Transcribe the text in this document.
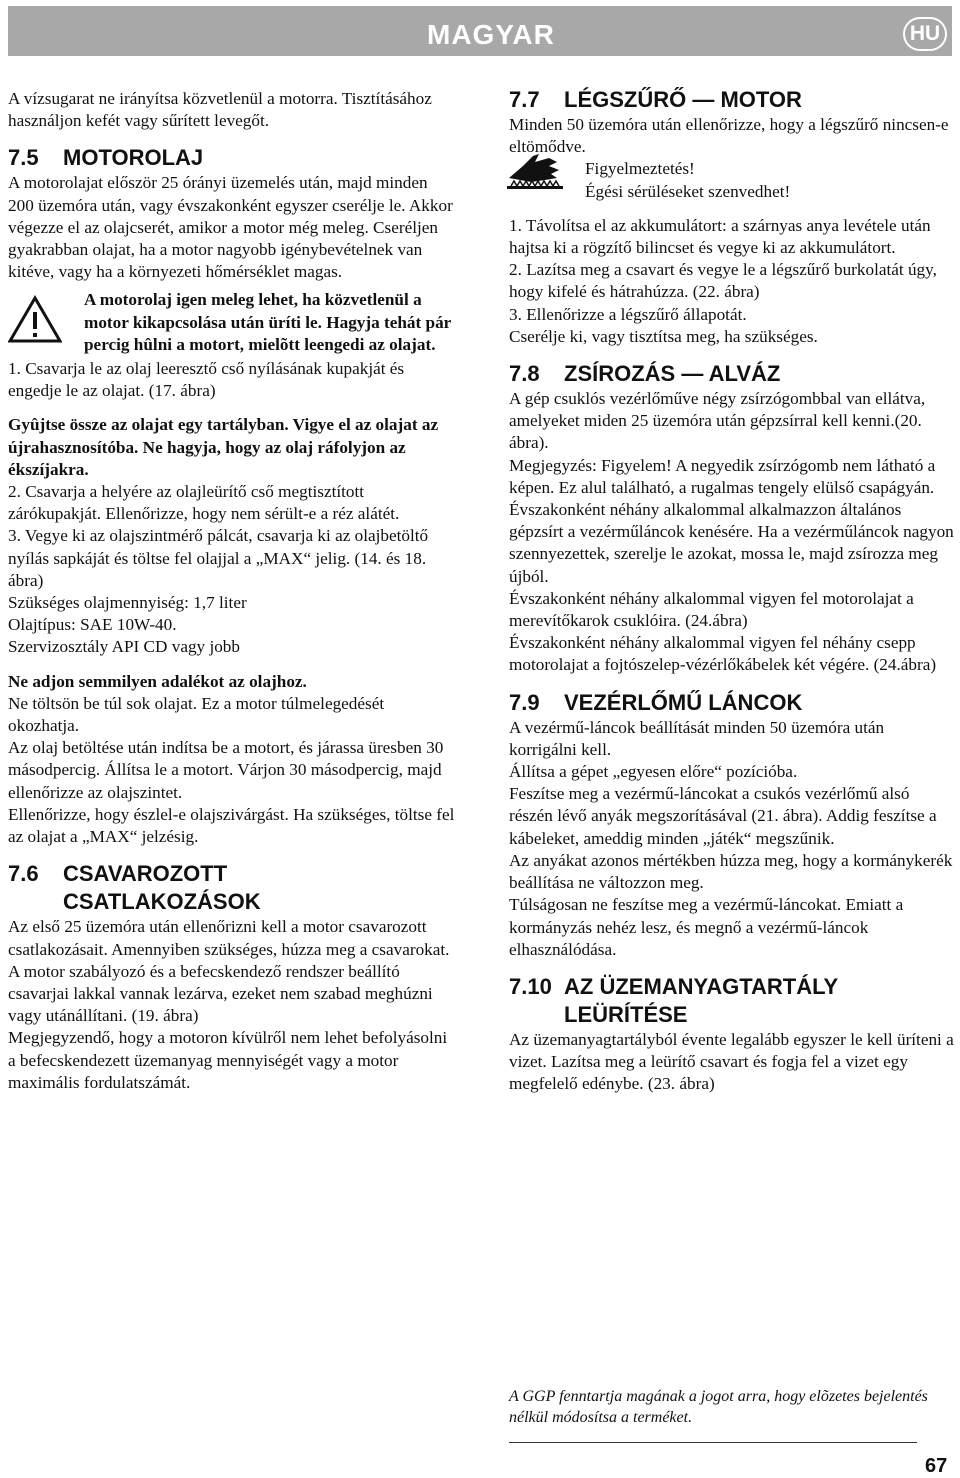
MAGYAR	HU

A vízsugarat ne irányítsa közvetlenül a motorra. Tisztításához használjon kefét vagy sűrített levegőt.

7.5 MOTOROLAJ

A motorolajat először 25 órányi üzemelés után, majd minden 200 üzemóra után, vagy évszakonként egyszer cserélje le. Akkor végezze el az olajcserét, amikor a motor még meleg. Cseréljen gyakrabban olajat, ha a motor nagyobb igénybevételnek van kitéve, vagy ha a környezeti hőmérséklet magas.

A motorolaj igen meleg lehet, ha közvetlenül a motor kikapcsolása után üríti le. Hagyja tehát pár percig hûlni a motort, mielõtt leengedi az olajat.

1. Csavarja le az olaj leeresztő cső nyílásának kupakját és engedje le az olajat. (17. ábra)

Gyûjtse össze az olajat egy tartályban. Vigye el az olajat az újrahasznosítóba. Ne hagyja, hogy az olaj ráfolyjon az ékszíjakra.

2. Csavarja a helyére az olajleürítő cső megtisztított zárókupakját. Ellenőrizze, hogy nem sérült-e a réz alátét.

3. Vegye ki az olajszintmérő pálcát, csavarja ki az olajbetöltő nyílás sapkáját és töltse fel olajjal a „MAX“ jelig. (14. és 18. ábra)

Szükséges olajmennyiség: 1,7 liter

Olajtípus: SAE 10W-40.

Szervizosztály API CD vagy jobb

Ne adjon semmilyen adalékot az olajhoz.

Ne töltsön be túl sok olajat. Ez a motor túlmelegedését okozhatja.

Az olaj betöltése után indítsa be a motort, és járassa üresben 30 másodpercig. Állítsa le a motort. Várjon 30 másodpercig, majd ellenőrizze az olajszintet.

Ellenőrizze, hogy észlel-e olajszivárgást. Ha szükséges, töltse fel az olajat a „MAX“ jelzésig.

7.6 CSAVAROZOTT
CSATLAKOZÁSOK

Az első 25 üzemóra után ellenőrizni kell a motor csavarozott csatlakozásait. Amennyiben szükséges, húzza meg a csavarokat. A motor szabályozó és a befecskendező rendszer beállító csavarjai lakkal vannak lezárva, ezeket nem szabad meghúzni vagy utánállítani. (19. ábra)

Megjegyzendő, hogy a motoron kívülről nem lehet befolyásolni a befecskendezett üzemanyag mennyiségét vagy a motor maximális fordulatszámát.

7.7 LÉGSZŰRŐ — MOTOR

Minden 50 üzemóra után ellenőrizze, hogy a légszűrő nincsen-e eltömődve.

Figyelmeztetés!

Égési sérüléseket szenvedhet!

1. Távolítsa el az akkumulátort: a szárnyas anya levétele után hajtsa ki a rögzítő bilincset és vegye ki az akkumulátort.

2. Lazítsa meg a csavart és vegye le a légszűrő burkolatát úgy, hogy kifelé és hátrahúzza. (22. ábra)

3. Ellenőrizze a légszűrő állapotát.

Cserélje ki, vagy tisztítsa meg, ha szükséges.

7.8 ZSÍROZÁS — ALVÁZ

A gép csuklós vezérlőműve négy zsírzógombbal van ellátva, amelyeket miden 25 üzemóra után gépzsírral kell kenni.(20. ábra).

Megjegyzés: Figyelem! A negyedik zsírzógomb nem látható a képen. Ez alul található, a rugalmas tengely elülső csapágyán.

Évszakonként néhány alkalommal alkalmazzon általános gépzsírt a vezérműláncok kenésére. Ha a vezérműláncok nagyon szennyezettek, szerelje le azokat, mossa le, majd zsírozza meg újból.

Évszakonként néhány alkalommal vigyen fel motorolajat a merevítőkarok csuklóira. (24.ábra)

Évszakonként néhány alkalommal vigyen fel néhány csepp motorolajat a fojtószelep-vézérlőkábelek két végére. (24.ábra)

7.9 VEZÉRLŐMŰ LÁNCOK

A vezérmű-láncok beállítását minden 50 üzemóra után korrigálni kell.

Állítsa a gépet „egyesen előre“ pozícióba.

Feszítse meg a vezérmű-láncokat a csukós vezérlőmű alsó részén lévő anyák megszorításával (21. ábra). Addig feszítse a kábeleket, ameddig minden „játék“ megszűnik.

Az anyákat azonos mértékben húzza meg, hogy a kormánykerék beállítása ne változzon meg.

Túlságosan ne feszítse meg a vezérmű-láncokat. Emiatt a kormányzás nehéz lesz, és megnő a vezérmű-láncok elhasználódása.

7.10 AZ ÜZEMANYAGTARTÁLY
LEÜRÍTÉSE

Az üzemanyagtartályból évente legalább egyszer le kell üríteni a vizet. Lazítsa meg a leürítő csavart és fogja fel a vizet egy megfelelő edénybe. (23. ábra)

A GGP fenntartja magának a jogot arra, hogy elõzetes bejelentés nélkül módosítsa a terméket.
67
